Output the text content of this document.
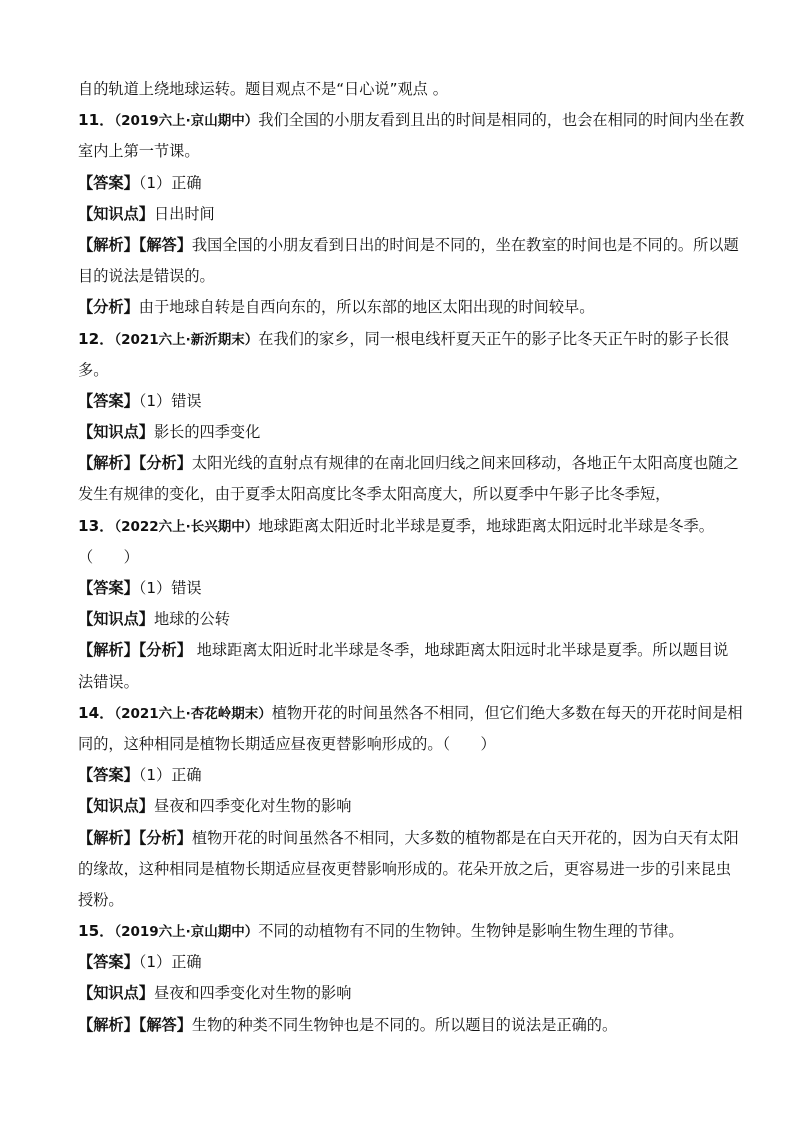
自的轨道上绕地球运转。题目观点不是“日心说”观点 。
11．（2019六上·京山期中）我们全国的小朋友看到且出的时间是相同的，也会在相同的时间内坐在教
室内上第一节课。
【答案】（1）正确
【知识点】日出时间
【解析】【解答】我国全国的小朋友看到日出的时间是不同的，坐在教室的时间也是不同的。所以题
目的说法是错误的。
【分析】由于地球自转是自西向东的，所以东部的地区太阳出现的时间较早。
12．（2021六上·新沂期末）在我们的家乡，同一根电线杆夏天正午的影子比冬天正午时的影子长很
多。
【答案】（1）错误
【知识点】影长的四季变化
【解析】【分析】太阳光线的直射点有规律的在南北回归线之间来回移动，各地正午太阳高度也随之
发生有规律的变化，由于夏季太阳高度比冬季太阳高度大，所以夏季中午影子比冬季短，
13．（2022六上·长兴期中）地球距离太阳近时北半球是夏季，地球距离太阳远时北半球是冬季。
（　　）
【答案】（1）错误
【知识点】地球的公转
【解析】【分析】 地球距离太阳近时北半球是冬季，地球距离太阳远时北半球是夏季。所以题目说
法错误。
14．（2021六上·杏花岭期末）植物开花的时间虽然各不相同，但它们绝大多数在每天的开花时间是相
同的，这种相同是植物长期适应昼夜更替影响形成的。（　　）
【答案】（1）正确
【知识点】昼夜和四季变化对生物的影响
【解析】【分析】植物开花的时间虽然各不相同，大多数的植物都是在白天开花的，因为白天有太阳
的缘故，这种相同是植物长期适应昼夜更替影响形成的。花朵开放之后，更容易进一步的引来昆虫
授粉。
15．（2019六上·京山期中）不同的动植物有不同的生物钟。生物钟是影响生物生理的节律。
【答案】（1）正确
【知识点】昼夜和四季变化对生物的影响
【解析】【解答】生物的种类不同生物钟也是不同的。所以题目的说法是正确的。
